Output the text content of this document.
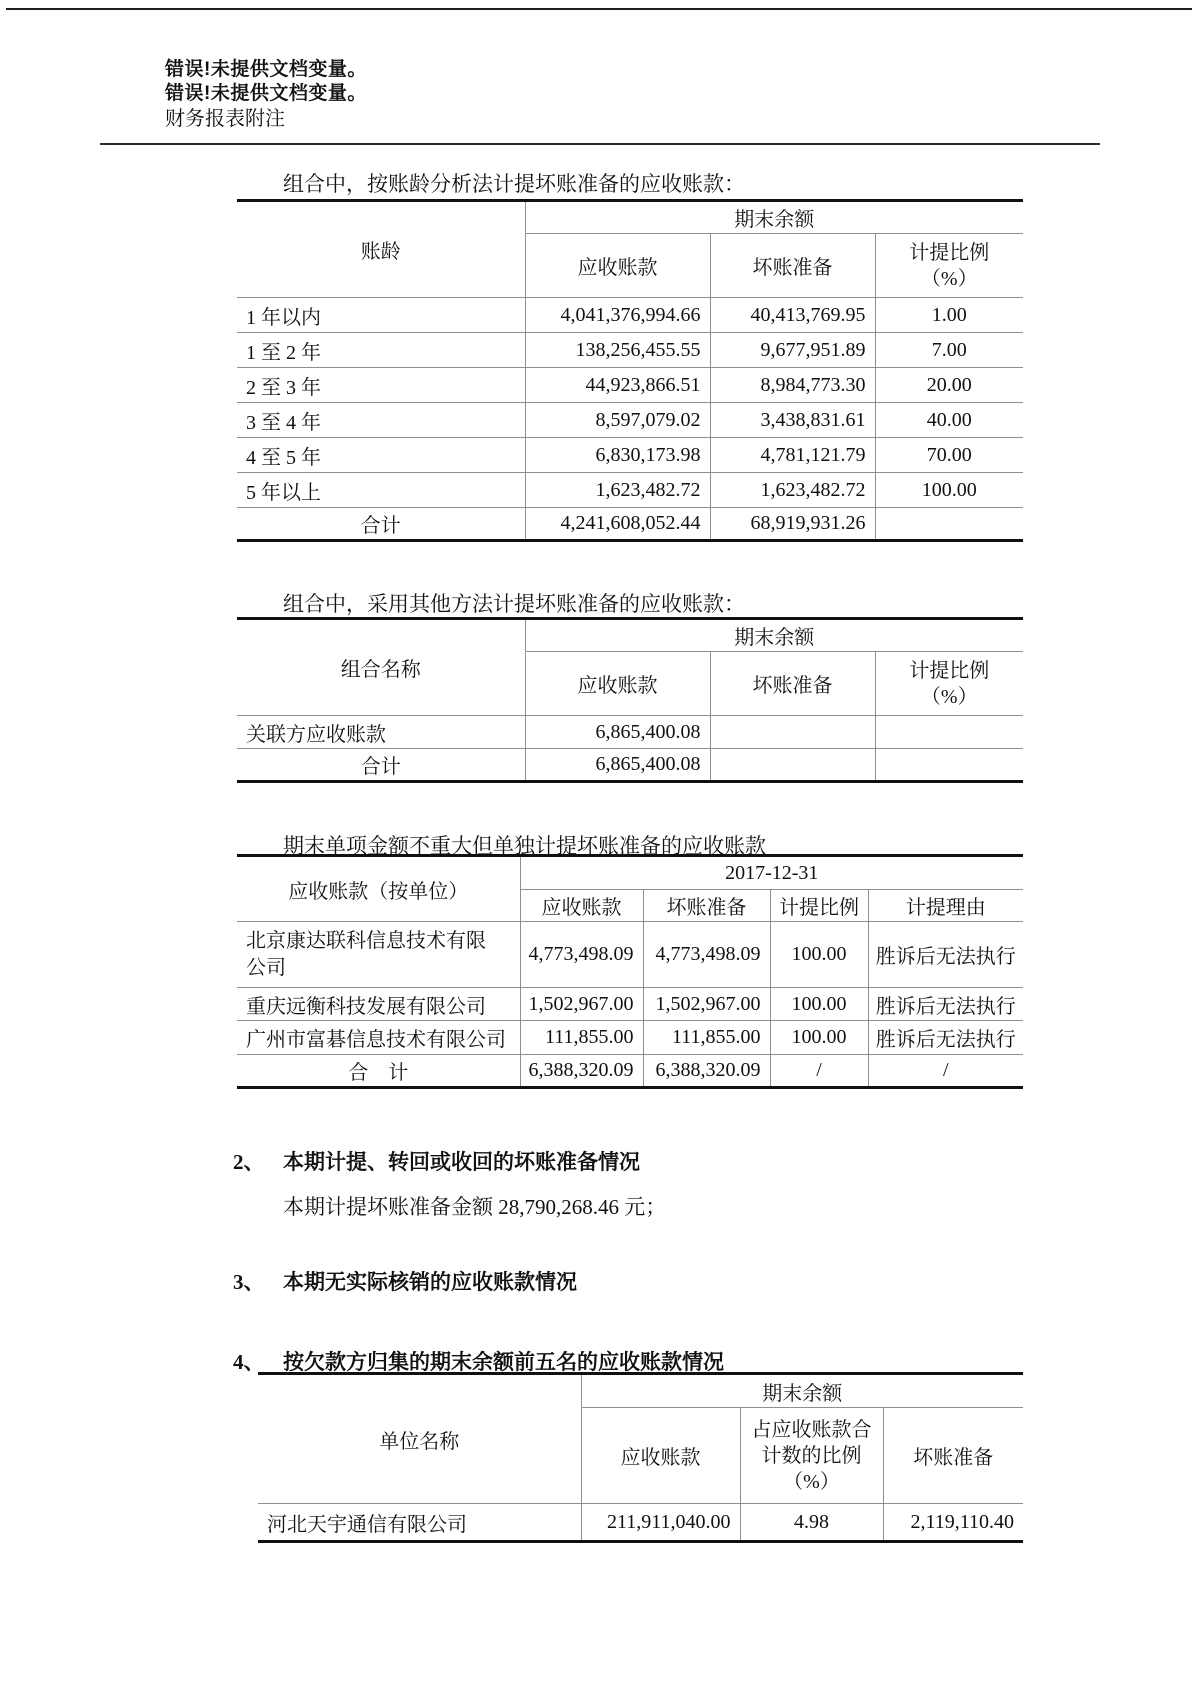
错误!未提供文档变量。
错误!未提供文档变量。
财务报表附注
组合中，按账龄分析法计提坏账准备的应收账款：
账龄	期末余额		
	应收账款	坏账准备	计提比例
（%）

1 年以内	4,041,376,994.66	40,413,769.95	1.00
1 至 2 年	138,256,455.55	9,677,951.89	7.00
2 至 3 年	44,923,866.51	8,984,773.30	20.00
3 至 4 年	8,597,079.02	3,438,831.61	40.00
4 至 5 年	6,830,173.98	4,781,121.79	70.00
5 年以上	1,623,482.72	1,623,482.72	100.00
合计	4,241,608,052.44	68,919,931.26	
组合中，采用其他方法计提坏账准备的应收账款：
组合名称	期末余额		
	应收账款	坏账准备	计提比例
（%）

关联方应收账款	6,865,400.08		
合计	6,865,400.08		
期末单项金额不重大但单独计提坏账准备的应收账款
应收账款（按单位）	2017-12-31			
	应收账款	坏账准备	计提比例	计提理由
北京康达联科信息技术有限公司	4,773,498.09	4,773,498.09	100.00	胜诉后无法执行
重庆远衡科技发展有限公司	1,502,967.00	1,502,967.00	100.00	胜诉后无法执行
广州市富碁信息技术有限公司	111,855.00	111,855.00	100.00	胜诉后无法执行
合　计	6,388,320.09	6,388,320.09	/	/
2、 本期计提、转回或收回的坏账准备情况
本期计提坏账准备金额 28,790,268.46 元；
3、 本期无实际核销的应收账款情况
4、 按欠款方归集的期末余额前五名的应收账款情况
单位名称	期末余额		
	应收账款	占应收账款合
计数的比例
（%）	坏账准备
河北天宇通信有限公司	211,911,040.00	4.98	2,119,110.40
